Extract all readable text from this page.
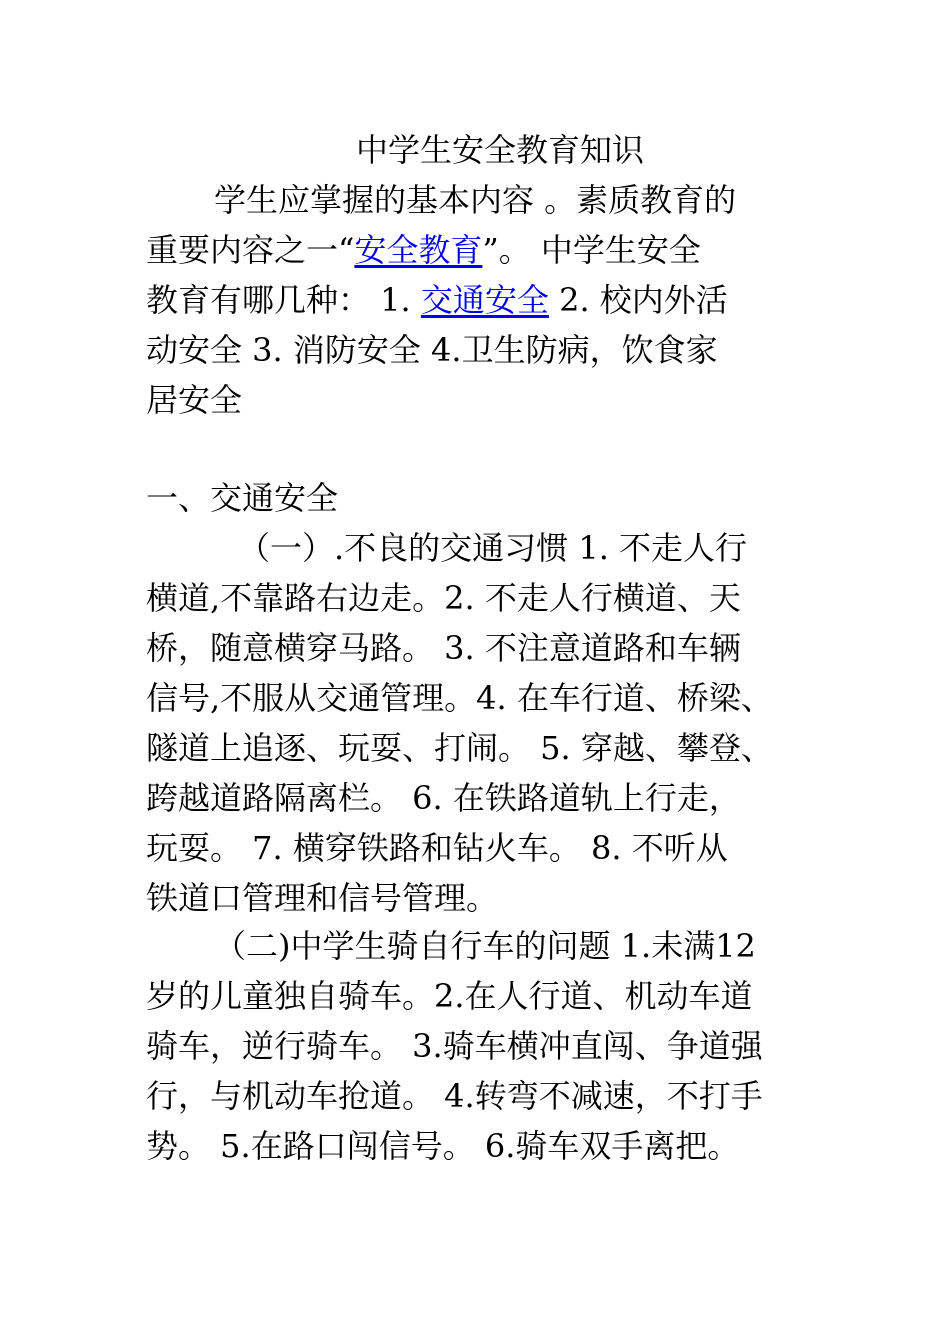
中学生安全教育知识
学生应掌握的基本内容 。素质教育的
重要内容之一“安全教育”。 中学生安全
教育有哪几种： 1. 交通安全 2. 校内外活
动安全 3. 消防安全 4.卫生防病，饮食家
居安全
一、交通安全
（一）.不良的交通习惯 1. 不走人行
横道,不靠路右边走。2. 不走人行横道、天
桥，随意横穿马路。 3. 不注意道路和车辆
信号,不服从交通管理。4. 在车行道、桥梁、
隧道上追逐、玩耍、打闹。 5. 穿越、攀登、
跨越道路隔离栏。 6. 在铁路道轨上行走，
玩耍。 7. 横穿铁路和钻火车。 8. 不听从
铁道口管理和信号管理。
（二)中学生骑自行车的问题 1.未满12
岁的儿童独自骑车。2.在人行道、机动车道
骑车，逆行骑车。 3.骑车横冲直闯、争道强
行，与机动车抢道。 4.转弯不减速，不打手
势。 5.在路口闯信号。 6.骑车双手离把。
